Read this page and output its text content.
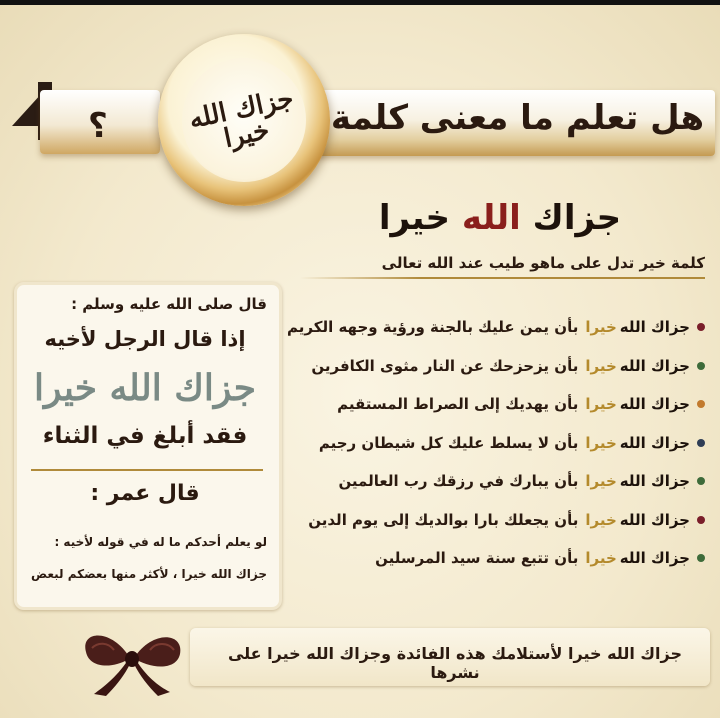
؟	هل تعلم ما معنى كلمة
جزاك الله خيرا
جزاك الله خيرا
كلمة خير تدل على ماهو طيب عند الله تعالى
جزاك الله
خيرا
بأن يمن عليك بالجنة ورؤية وجهه الكريم
جزاك الله
خيرا
بأن يزحزحك عن النار مثوى الكافرين
جزاك الله
خيرا
بأن يهديك إلى الصراط المستقيم
جزاك الله
خيرا
بأن لا يسلط عليك كل شيطان رجيم
جزاك الله
خيرا
بأن يبارك في رزقك رب العالمين
جزاك الله
خيرا
بأن يجعلك بارا بوالديك إلى يوم الدين
جزاك الله
خيرا
بأن تتبع سنة سيد المرسلين
قال صلى الله عليه وسلم :
إذا قال الرجل لأخيه
جزاك الله خيرا
فقد أبلغ في الثناء
قال عمر :
لو يعلم أحدكم ما له في قوله لأخيه :
جزاك الله خيرا ، لأكثر منها بعضكم لبعض
جزاك الله خيرا لأستلامك هذه الفائدة وجزاك الله خيرا على نشرها
